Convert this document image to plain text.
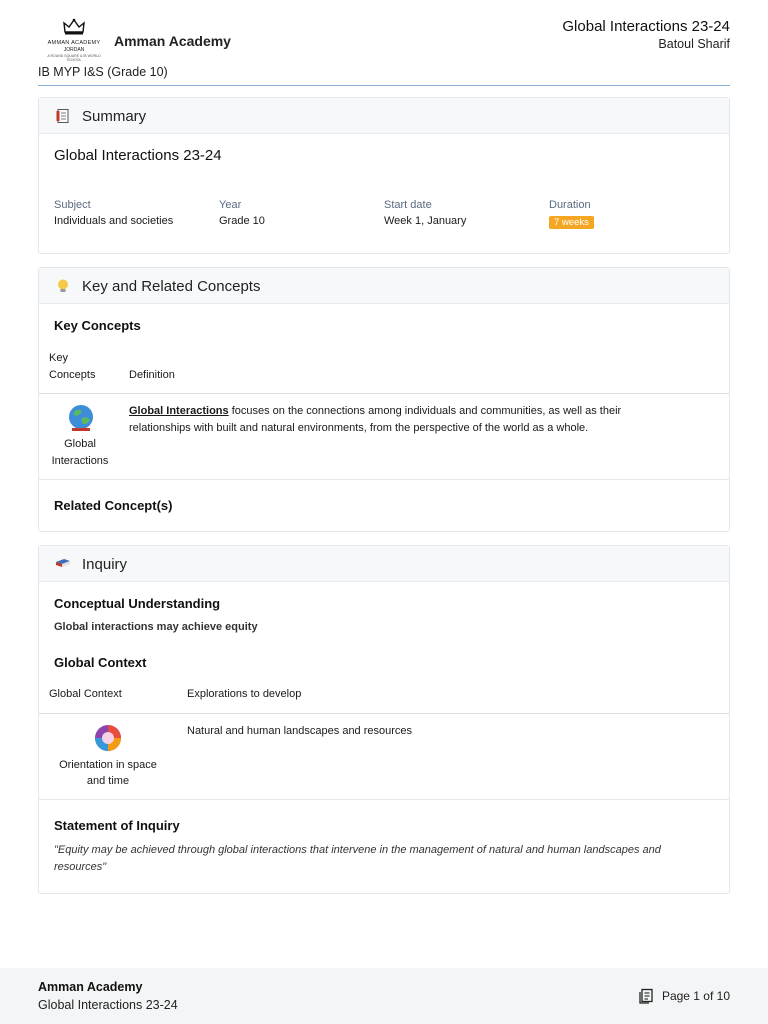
AMMAN ACADEMY
JORDAN
A ROUND SQUARE & IB WORLD SCHOOL
Amman Academy
Global Interactions 23-24
Batoul Sharif
IB MYP I&S (Grade 10)
Summary
Global Interactions 23-24
Subject
Individuals and societies
Year
Grade 10
Start date
Week 1, January
Duration
7 weeks
Key and Related Concepts
Key Concepts
Key
Concepts	Definition
Global
Interactions
Global Interactions focuses on the connections among individuals and communities, as well as their
relationships with built and natural environments, from the perspective of the world as a whole.
Related Concept(s)
Inquiry
Conceptual Understanding
Global interactions may achieve equity
Global Context
Global Context	Explorations to develop
Orientation in space
and time
Natural and human landscapes and resources
Statement of Inquiry
"Equity may be achieved through global interactions that intervene in the management of natural and human landscapes and
resources"
Amman Academy
Global Interactions 23-24
Page 1 of 10
